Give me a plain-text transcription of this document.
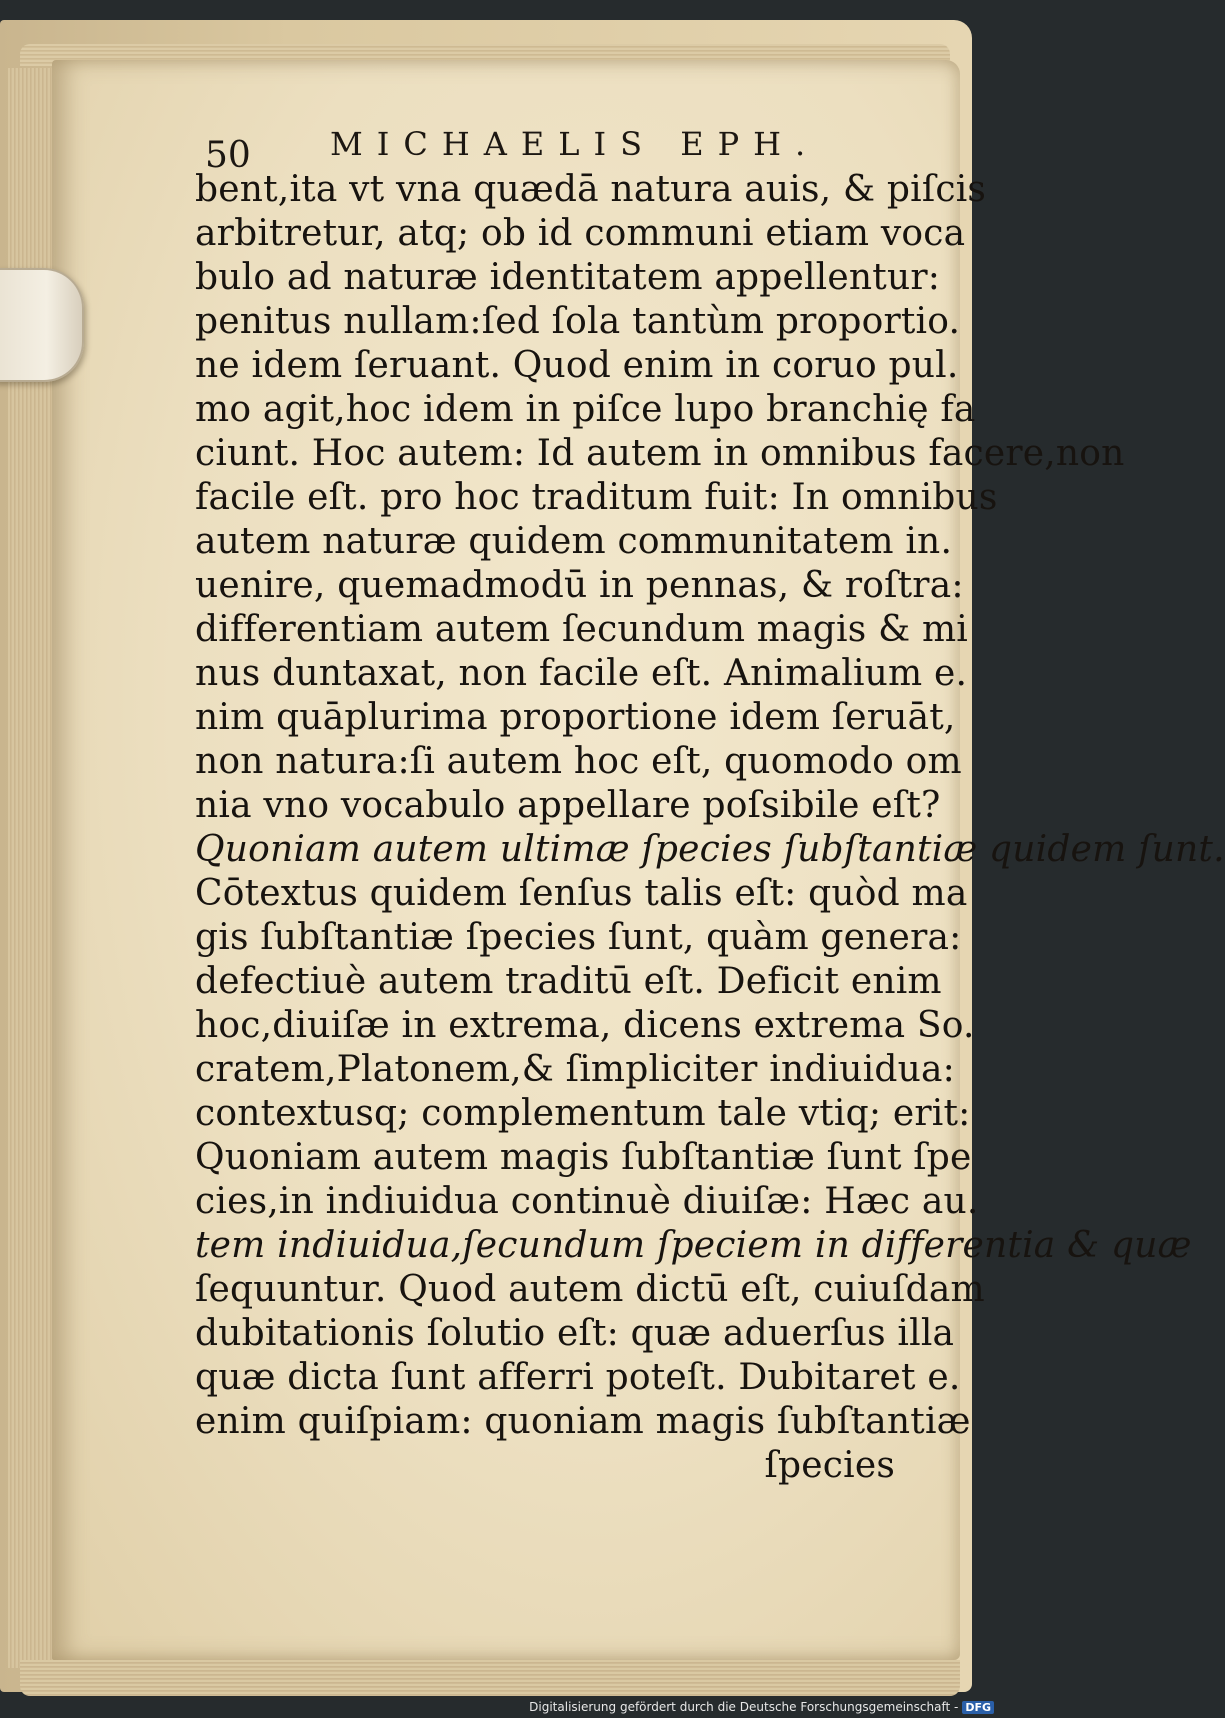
50 MICHAELIS EPH.
bent,ita vt vna quædā natura auis, & piſcis
arbitretur, atq; ob id communi etiam voca
bulo ad naturæ identitatem appellentur:
penitus nullam:ſed ſola tantùm proportio.
ne idem ſeruant. Quod enim in coruo pul.
mo agit,hoc idem in piſce lupo branchię fa
ciunt. Hoc autem: Id autem in omnibus facere,non
facile eſt. pro hoc traditum fuit: In omnibus
autem naturæ quidem communitatem in.
uenire, quemadmodū in pennas, & roſtra:
differentiam autem ſecundum magis & mi
nus duntaxat, non facile eſt. Animalium e.
nim quāplurima proportione idem ſeruāt,
non natura:ſi autem hoc eſt, quomodo om
nia vno vocabulo appellare poſsibile eſt?
Quoniam autem ultimæ ſpecies ſubſtantiæ quidem ſunt.
Cōtextus quidem ſenſus talis eſt: quòd ma
gis ſubſtantiæ ſpecies ſunt, quàm genera:
defectiuè autem traditū eſt. Deficit enim
hoc,diuiſæ in extrema, dicens extrema So.
cratem,Platonem,& ſimpliciter indiuidua:
contextusq; complementum tale vtiq; erit:
Quoniam autem magis ſubſtantiæ ſunt ſpe
cies,in indiuidua continuè diuiſæ: Hæc au.
tem indiuidua,ſecundum ſpeciem in differentia & quæ
ſequuntur. Quod autem dictū eſt, cuiuſdam
dubitationis ſolutio eſt: quæ aduerſus illa
quæ dicta ſunt afferri poteſt. Dubitaret e.
enim quiſpiam: quoniam magis ſubſtantiæ
ſpecies
Digitalisierung gefördert durch die Deutsche Forschungsgemeinschaft - DFG
